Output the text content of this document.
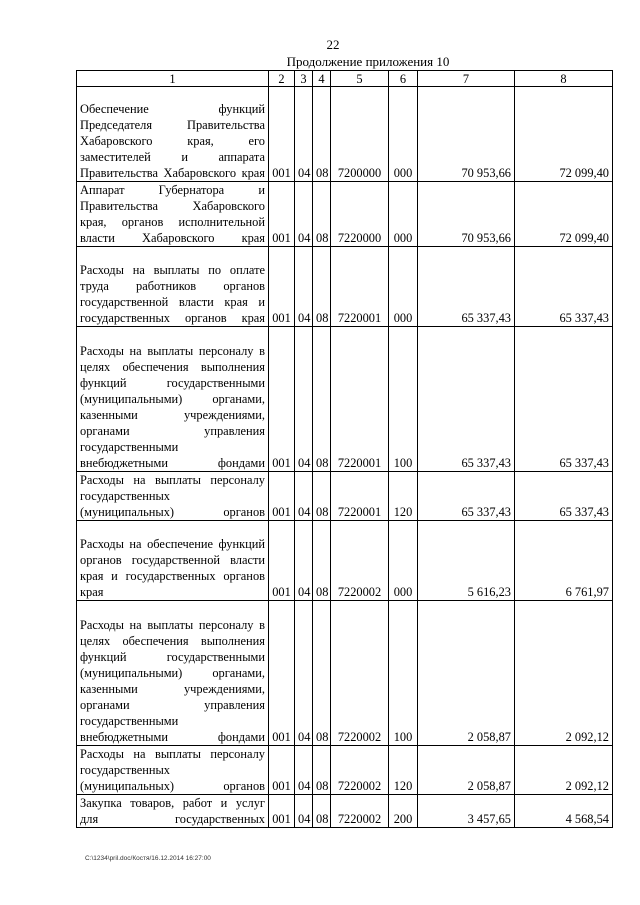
22
Продолжение приложения 10
1	2	3	4	5	6	7	8
Обеспечение функций Председателя Правительства Хабаровского края, его заместителей и аппарата Правительства Хабаровского края	001	04	08	7200000	000	70 953,66	72 099,40
Аппарат Губернатора и Правительства Хабаровского края, органов исполнительной власти Хабаровского края	001	04	08	7220000	000	70 953,66	72 099,40
Расходы на выплаты по оплате труда работников органов государственной власти края и государственных органов края	001	04	08	7220001	000	65 337,43	65 337,43
Расходы на выплаты персоналу в целях обеспечения выполнения функций государственными (муниципальными) органами, казенными учреждениями, органами управления государственными внебюджетными фондами	001	04	08	7220001	100	65 337,43	65 337,43
Расходы на выплаты персоналу государственных (муниципальных) органов	001	04	08	7220001	120	65 337,43	65 337,43
Расходы на обеспечение функций органов государственной власти края и государственных органов края	001	04	08	7220002	000	5 616,23	6 761,97
Расходы на выплаты персоналу в целях обеспечения выполнения функций государственными (муниципальными) органами, казенными учреждениями, органами управления государственными внебюджетными фондами	001	04	08	7220002	100	2 058,87	2 092,12
Расходы на выплаты персоналу государственных (муниципальных) органов	001	04	08	7220002	120	2 058,87	2 092,12
Закупка товаров, работ и услуг для государственных	001	04	08	7220002	200	3 457,65	4 568,54
C:\1234\pril.doc/Костя/16.12.2014 16:27:00
